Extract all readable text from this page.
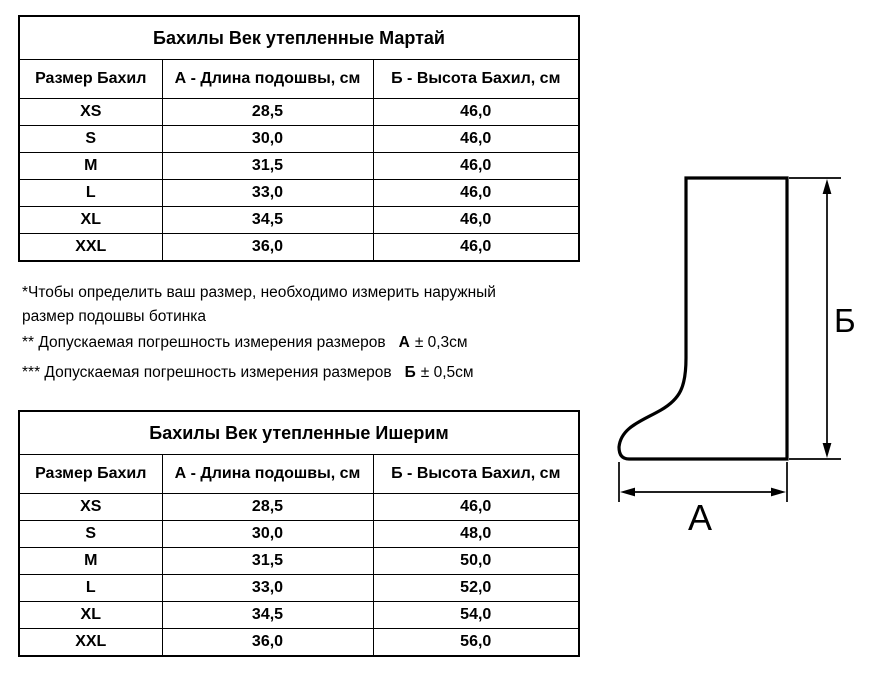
Бахилы Век утепленные Мартай		
Размер Бахил	А - Длина подошвы, см	Б - Высота Бахил, см
XS	28,5	46,0
S	30,0	46,0
M	31,5	46,0
L	33,0	46,0
XL	34,5	46,0
XXL	36,0	46,0

*Чтобы определить ваш размер, необходимо измерить наружный размер подошвы ботинка

** Допускаемая погрешность измерения размеров А ± 0,3см

*** Допускаемая погрешность измерения размеров Б ± 0,5см

Бахилы Век утепленные Ишерим		
Размер Бахил	А - Длина подошвы, см	Б - Высота Бахил, см
XS	28,5	46,0
S	30,0	48,0
M	31,5	50,0
L	33,0	52,0
XL	34,5	54,0
XXL	36,0	56,0
Б
А
